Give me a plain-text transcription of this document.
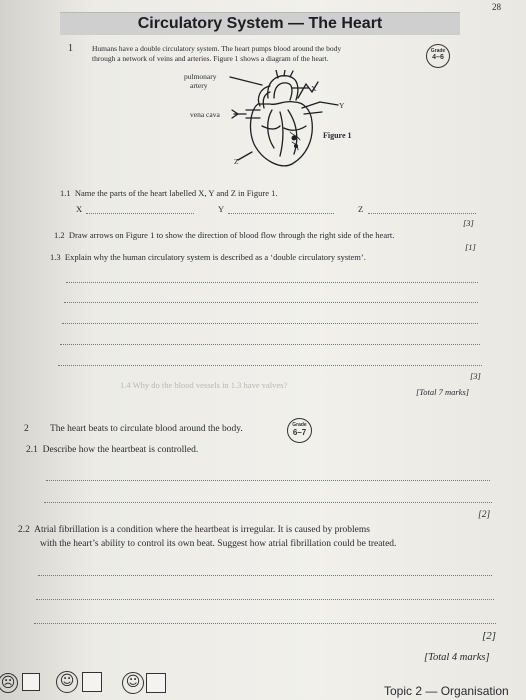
28
Circulatory System — The Heart
1	Humans have a double circulatory system. The heart pumps blood around the body
through a network of veins and arteries. Figure 1 shows a diagram of the heart.
Grade
4–6
pulmonary
artery
vena cava
X
Y
Z
Figure 1
1.1 Name the parts of the heart labelled X, Y and Z in Figure 1.
X	Y	Z
[3]
1.2 Draw arrows on Figure 1 to show the direction of blood flow through the right side of the heart.
[1]
1.3 Explain why the human circulatory system is described as a ‘double circulatory system’.
[3]
1.4 Why do the blood vessels in 1.3 have valves?
[Total 7 marks]
2 The heart beats to circulate blood around the body.	Grade
6–7
2.1 Describe how the heartbeat is controlled.
[2]
2.2 Atrial fibrillation is a condition where the heartbeat is irregular. It is caused by problems
with the heart’s ability to control its own beat. Suggest how atrial fibrillation could be treated.
[2]
[Total 4 marks]
☹	☺	☺
Topic 2 — Organisation
